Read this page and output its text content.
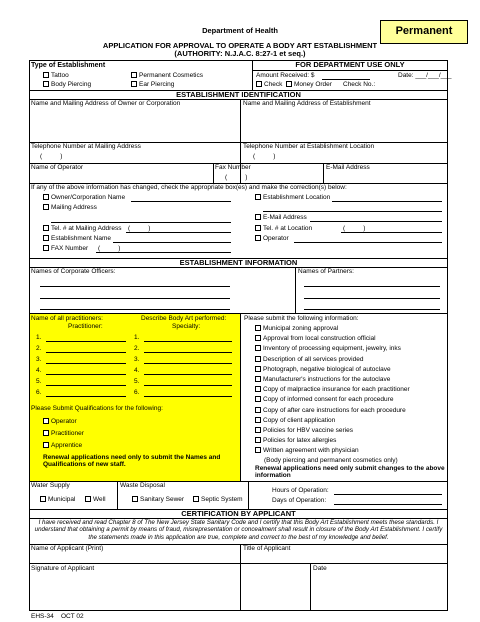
Permanent
Department of Health
APPLICATION FOR APPROVAL TO OPERATE A BODY ART ESTABLISHMENT
(AUTHORITY: N.J.A.C. 8:27-1 et seq.)
Type of Establishment
Tattoo
Body Piercing
Permanent Cosmetics
Ear Piercing
FOR DEPARTMENT USE ONLY
Amount Received: $	Date: ___/___/___
Check	Money Order Check No.:
ESTABLISHMENT IDENTIFICATION
Name and Mailing Address of Owner or Corporation	Name and Mailing Address of Establishment
Telephone Number at Mailing Address	Telephone Number at Establishment Location
(          )	(          )
Name of Operator	Fax Number
(          )
E-Mail Address
If any of the above information has changed, check the appropriate box(es) and make the correction(s) below:
Owner/Corporation Name
Mailing Address
Tel. # at Mailing Address (          )
Establishment Name
FAX Number (          )
Establishment Location
E-Mail Address
Tel. # at Location	(          )
Operator
ESTABLISHMENT INFORMATION
Names of Corporate Officers:	Names of Partners:
Name of all practitioners:	Describe Body Art performed:
Practitioner:	Specialty:
1.	1.
2.	2.
3.	3.
4.	4.
5.	5.
6.	6.
Please Submit Qualifications for the following:
Operator
Practitioner
Apprentice
Renewal applications need only to submit the Names and Qualifications of new staff.
Please submit the following information:
Municipal zoning approval
Approval from local construction official
Inventory of processing equipment, jewelry, inks
Description of all services provided
Photograph, negative biological of autoclave
Manufacturer's instructions for the autoclave
Copy of malpractice insurance for each practitioner
Copy of informed consent for each procedure
Copy of after care instructions for each procedure
Copy of client application
Policies for HBV vaccine series
Policies for latex allergies
Written agreement with physician
(Body piercing and permanent cosmetics only)
Renewal applications need only submit changes to the above information
Water Supply
Municipal	Well
Waste Disposal
Sanitary Sewer	Septic System
Hours of Operation:
Days of Operation:
CERTIFICATION BY APPLICANT
I have received and read Chapter 8 of The New Jersey State Sanitary Code and I certify that this Body Art Establishment meets these standards. I understand that obtaining a permit by means of fraud, misrepresentation or concealment shall result in closure of the Body Art Establishment. I certify the statements made in this application are true, complete and correct to the best of my knowledge and belief.
Name of Applicant (Print)	Title of Applicant
Signature of Applicant	Date
EHS-34 OCT 02
